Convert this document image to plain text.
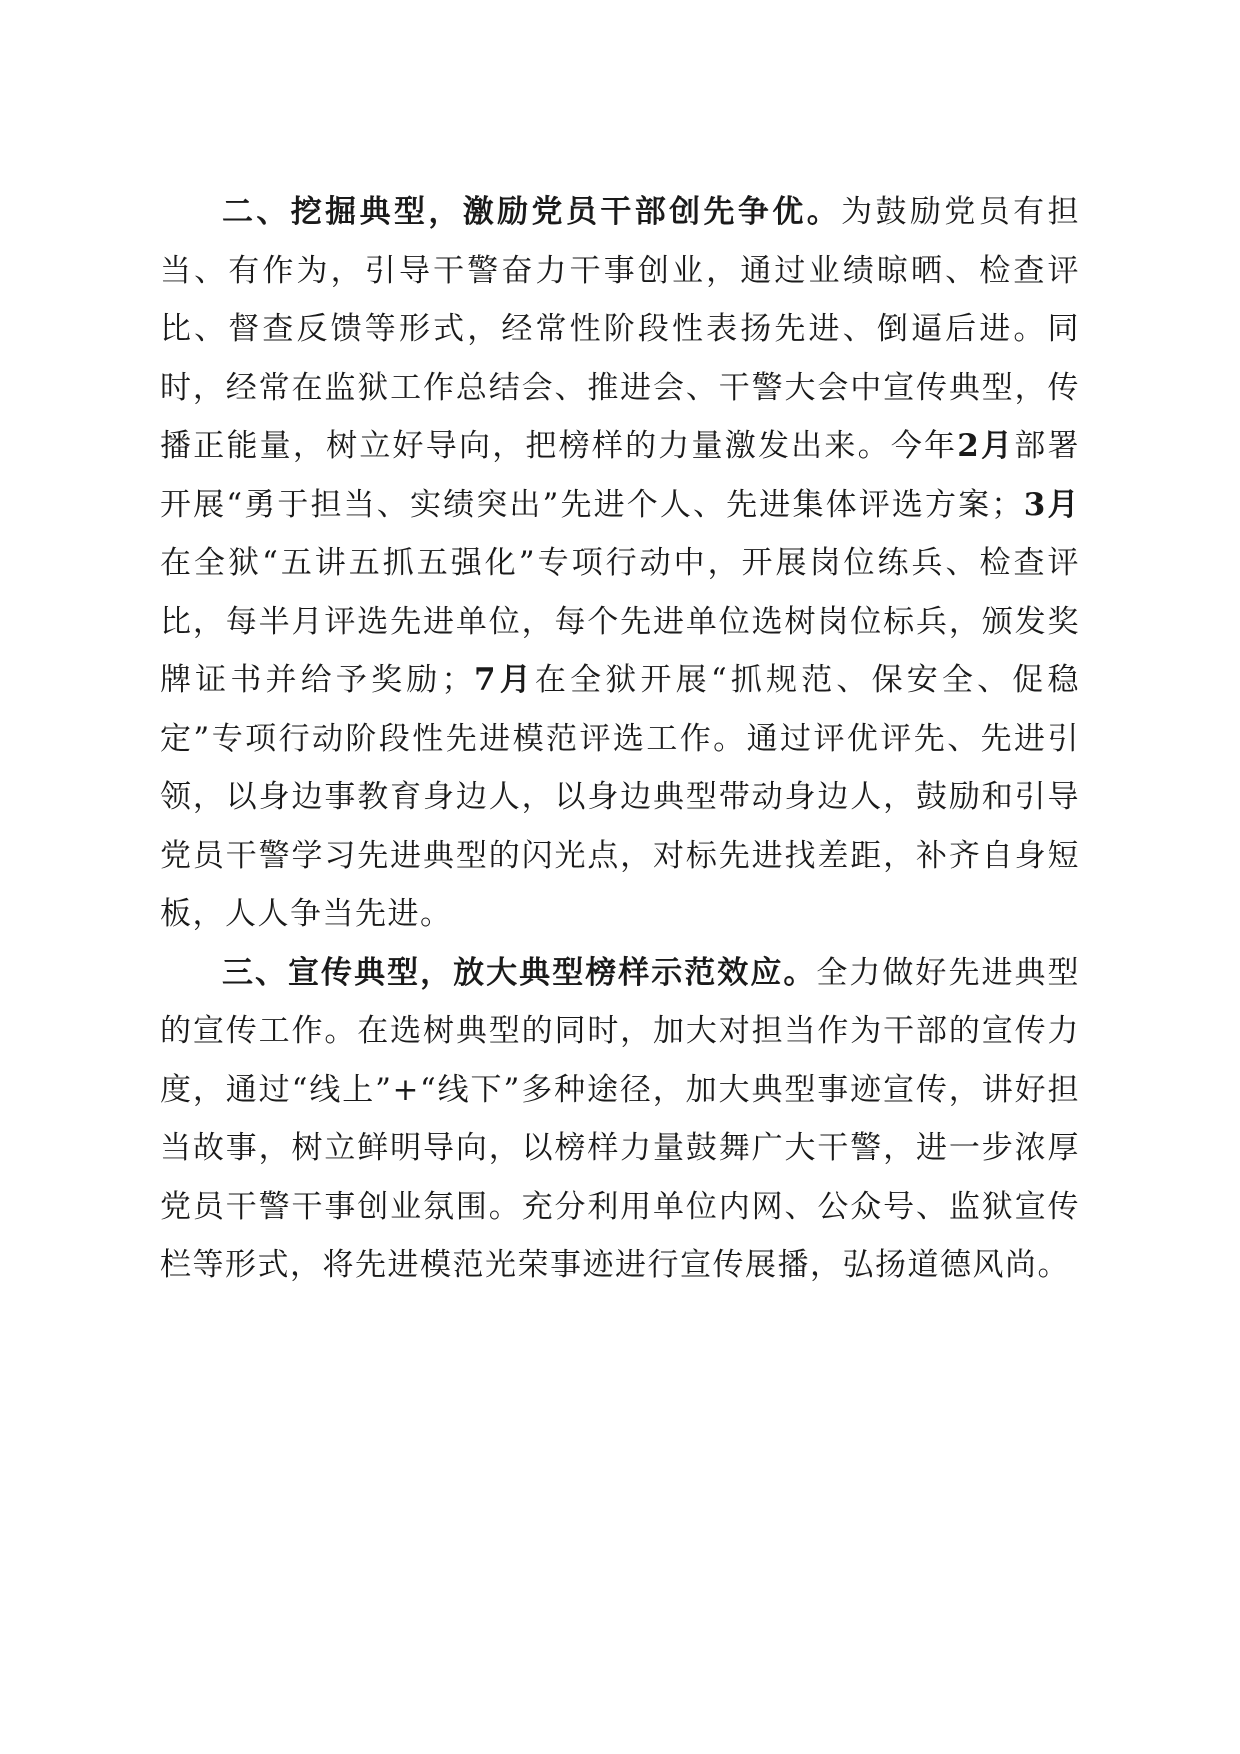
二、挖掘典型，激励党员干部创先争优。为鼓励党员有担当、有作为，引导干警奋力干事创业，通过业绩晾晒、检查评比、督查反馈等形式，经常性阶段性表扬先进、倒逼后进。同时，经常在监狱工作总结会、推进会、干警大会中宣传典型，传播正能量，树立好导向，把榜样的力量激发出来。今年2月部署开展“勇于担当、实绩突出”先进个人、先进集体评选方案；3月在全狱“五讲五抓五强化”专项行动中，开展岗位练兵、检查评比，每半月评选先进单位，每个先进单位选树岗位标兵，颁发奖牌证书并给予奖励；7月在全狱开展“抓规范、保安全、促稳定”专项行动阶段性先进模范评选工作。通过评优评先、先进引领，以身边事教育身边人，以身边典型带动身边人，鼓励和引导党员干警学习先进典型的闪光点，对标先进找差距，补齐自身短板，人人争当先进。

三、宣传典型，放大典型榜样示范效应。全力做好先进典型的宣传工作。在选树典型的同时，加大对担当作为干部的宣传力度，通过“线上”+“线下”多种途径，加大典型事迹宣传，讲好担当故事，树立鲜明导向，以榜样力量鼓舞广大干警，进一步浓厚党员干警干事创业氛围。充分利用单位内网、公众号、监狱宣传栏等形式，将先进模范光荣事迹进行宣传展播，弘扬道德风尚。
